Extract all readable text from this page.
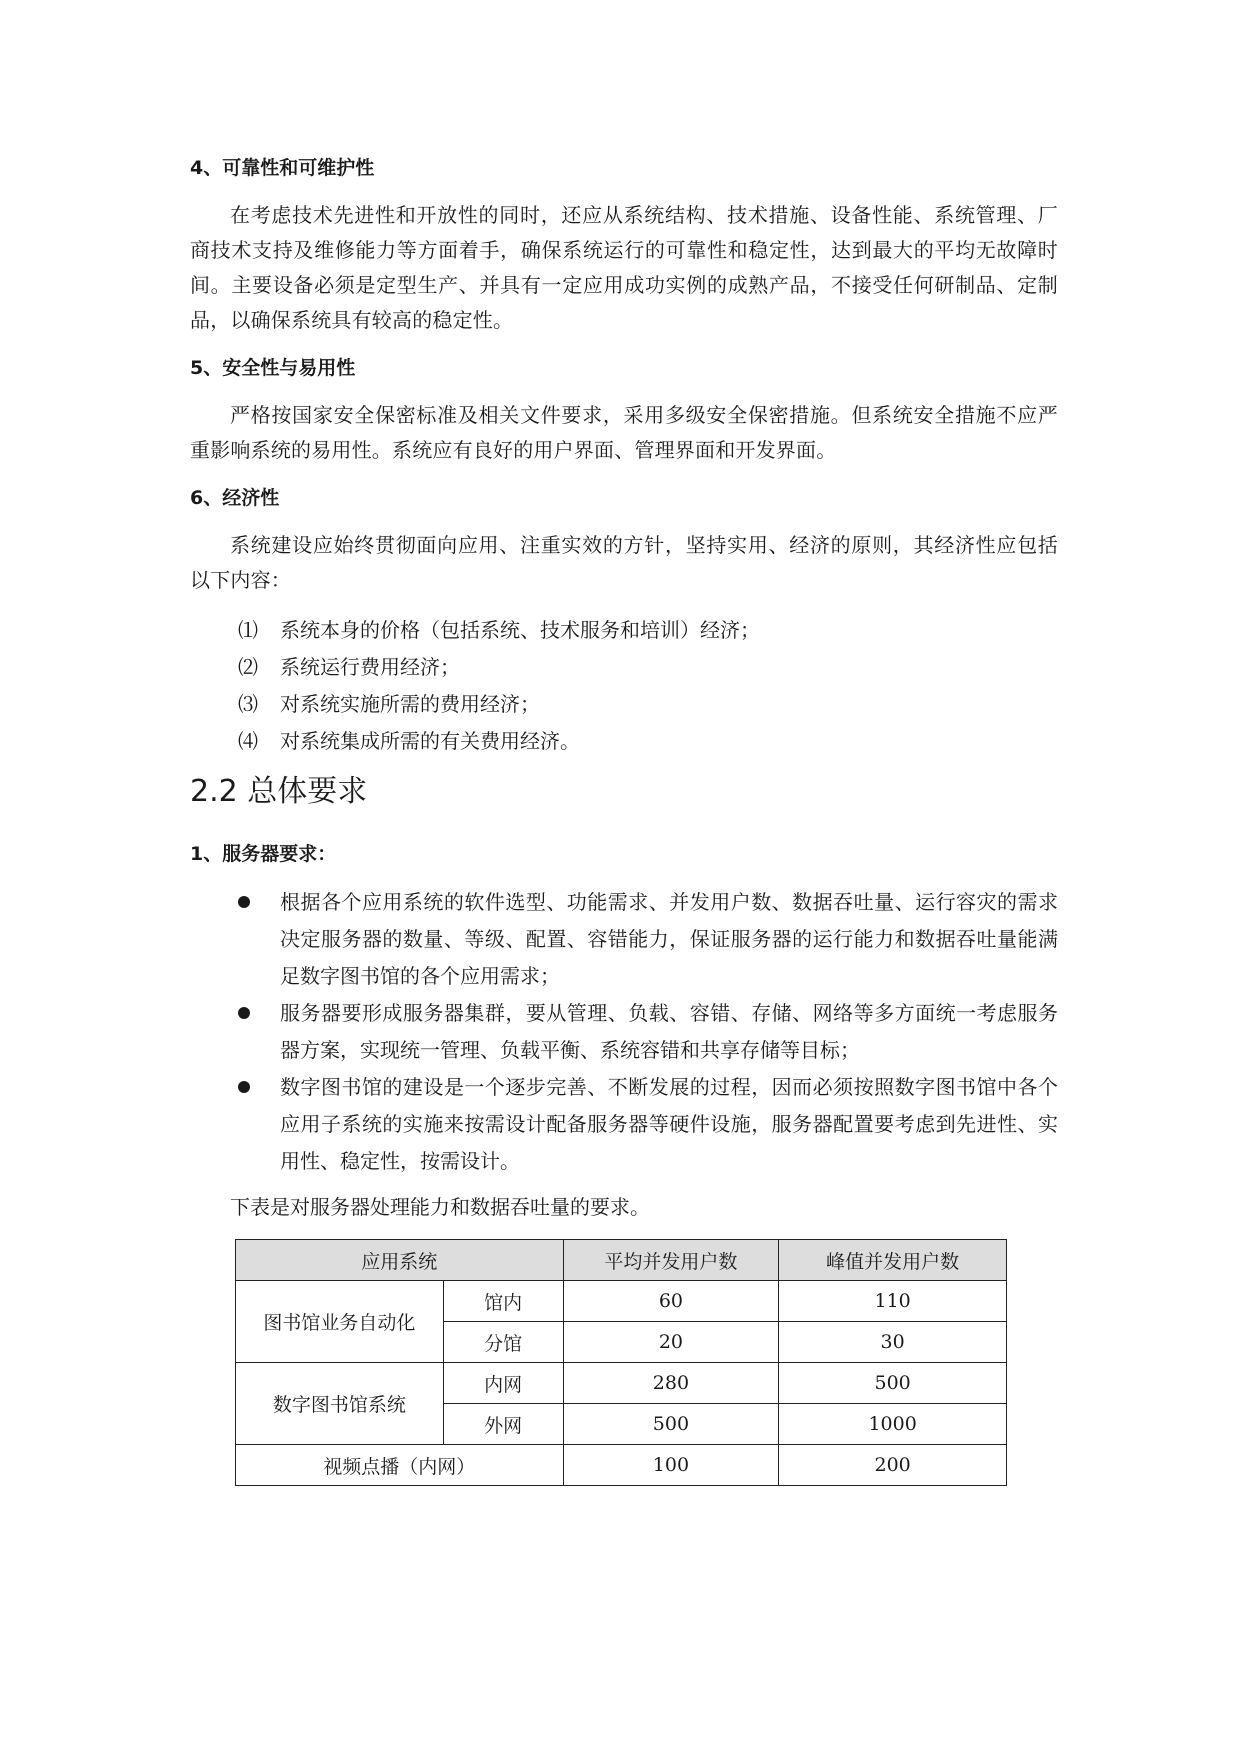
4、可靠性和可维护性

在考虑技术先进性和开放性的同时，还应从系统结构、技术措施、设备性能、系统管理、厂商技术支持及维修能力等方面着手，确保系统运行的可靠性和稳定性，达到最大的平均无故障时间。主要设备必须是定型生产、并具有一定应用成功实例的成熟产品，不接受任何研制品、定制品，以确保系统具有较高的稳定性。

5、安全性与易用性

严格按国家安全保密标准及相关文件要求，采用多级安全保密措施。但系统安全措施不应严重影响系统的易用性。系统应有良好的用户界面、管理界面和开发界面。

6、经济性

系统建设应始终贯彻面向应用、注重实效的方针，坚持实用、经济的原则，其经济性应包括以下内容：

⑴	系统本身的价格（包括系统、技术服务和培训）经济；
⑵	系统运行费用经济；
⑶	对系统实施所需的费用经济；
⑷	对系统集成所需的有关费用经济。
2.2 总体要求
1、服务器要求：
根据各个应用系统的软件选型、功能需求、并发用户数、数据吞吐量、运行容灾的需求决定服务器的数量、等级、配置、容错能力，保证服务器的运行能力和数据吞吐量能满足数字图书馆的各个应用需求；
服务器要形成服务器集群，要从管理、负载、容错、存储、网络等多方面统一考虑服务器方案，实现统一管理、负载平衡、系统容错和共享存储等目标；
数字图书馆的建设是一个逐步完善、不断发展的过程，因而必须按照数字图书馆中各个应用子系统的实施来按需设计配备服务器等硬件设施，服务器配置要考虑到先进性、实用性、稳定性，按需设计。

下表是对服务器处理能力和数据吞吐量的要求。

应用系统		平均并发用户数	峰值并发用户数
图书馆业务自动化	馆内	60	110
	分馆	20	30
数字图书馆系统	内网	280	500
	外网	500	1000
视频点播（内网）		100	200
